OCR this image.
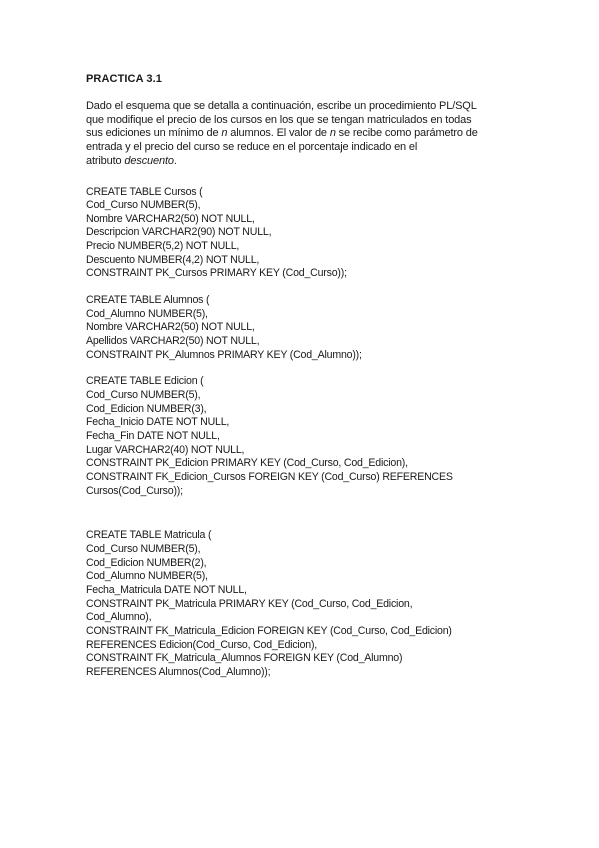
PRACTICA 3.1
Dado el esquema que se detalla a continuación, escribe un procedimiento PL/SQL
que modifique el precio de los cursos en los que se tengan matriculados en todas
sus ediciones un mínimo de n alumnos. El valor de n se recibe como parámetro de
entrada y el precio del curso se reduce en el porcentaje indicado en el
atributo descuento.
CREATE TABLE Cursos (
Cod_Curso NUMBER(5),
Nombre VARCHAR2(50) NOT NULL,
Descripcion VARCHAR2(90) NOT NULL,
Precio NUMBER(5,2) NOT NULL,
Descuento NUMBER(4,2) NOT NULL,
CONSTRAINT PK_Cursos PRIMARY KEY (Cod_Curso));
CREATE TABLE Alumnos (
Cod_Alumno NUMBER(5),
Nombre VARCHAR2(50) NOT NULL,
Apellidos VARCHAR2(50) NOT NULL,
CONSTRAINT PK_Alumnos PRIMARY KEY (Cod_Alumno));
CREATE TABLE Edicion (
Cod_Curso NUMBER(5),
Cod_Edicion NUMBER(3),
Fecha_Inicio DATE NOT NULL,
Fecha_Fin DATE NOT NULL,
Lugar VARCHAR2(40) NOT NULL,
CONSTRAINT PK_Edicion PRIMARY KEY (Cod_Curso, Cod_Edicion),
CONSTRAINT FK_Edicion_Cursos FOREIGN KEY (Cod_Curso) REFERENCES
Cursos(Cod_Curso));
CREATE TABLE Matricula (
Cod_Curso NUMBER(5),
Cod_Edicion NUMBER(2),
Cod_Alumno NUMBER(5),
Fecha_Matricula DATE NOT NULL,
CONSTRAINT PK_Matricula PRIMARY KEY (Cod_Curso, Cod_Edicion,
Cod_Alumno),
CONSTRAINT FK_Matricula_Edicion FOREIGN KEY (Cod_Curso, Cod_Edicion)
REFERENCES Edicion(Cod_Curso, Cod_Edicion),
CONSTRAINT FK_Matricula_Alumnos FOREIGN KEY (Cod_Alumno)
REFERENCES Alumnos(Cod_Alumno));
